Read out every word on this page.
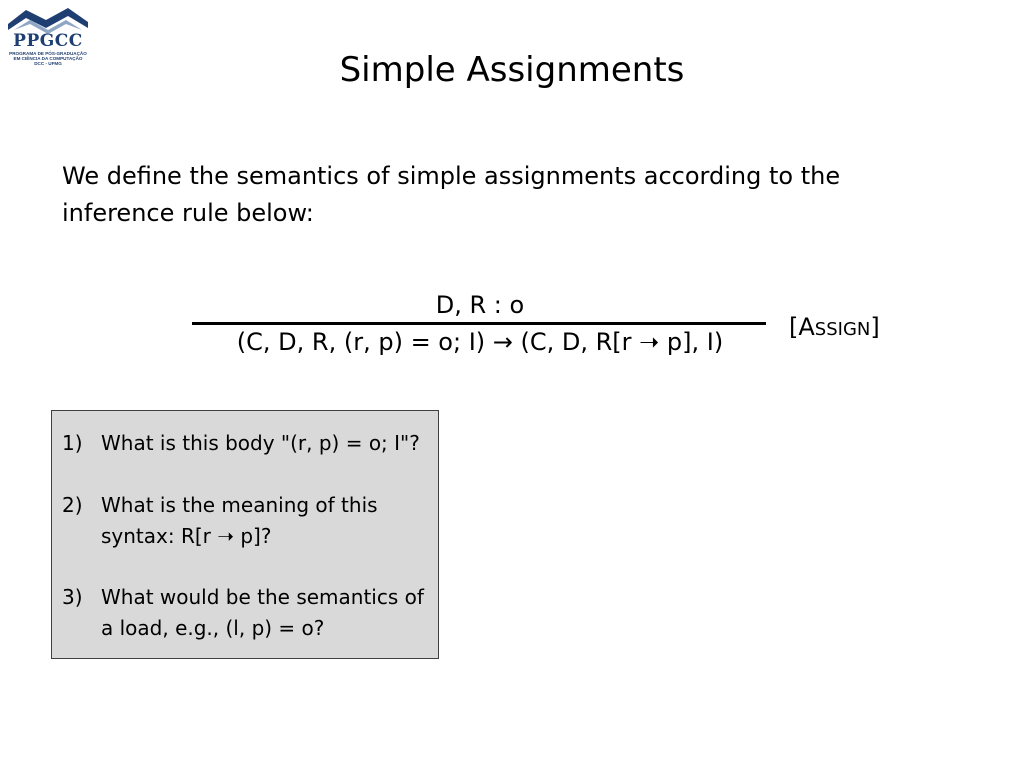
PPGCC
PROGRAMA DE PÓS-GRADUAÇÃO
EM CIÊNCIA DA COMPUTAÇÃO
DCC - UFMG	Simple Assignments
We define the semantics of simple assignments according to the inference rule below:
D, R : o
(C, D, R, (r, p) = o; I) → (C, D, R[r ➝ p], I)
[ASSIGN]
1) What is this body "(r, p) = o; I"?
2) What is the meaning of this syntax: R[r ➝ p]?
3) What would be the semantics of a load, e.g., (l, p) = o?
